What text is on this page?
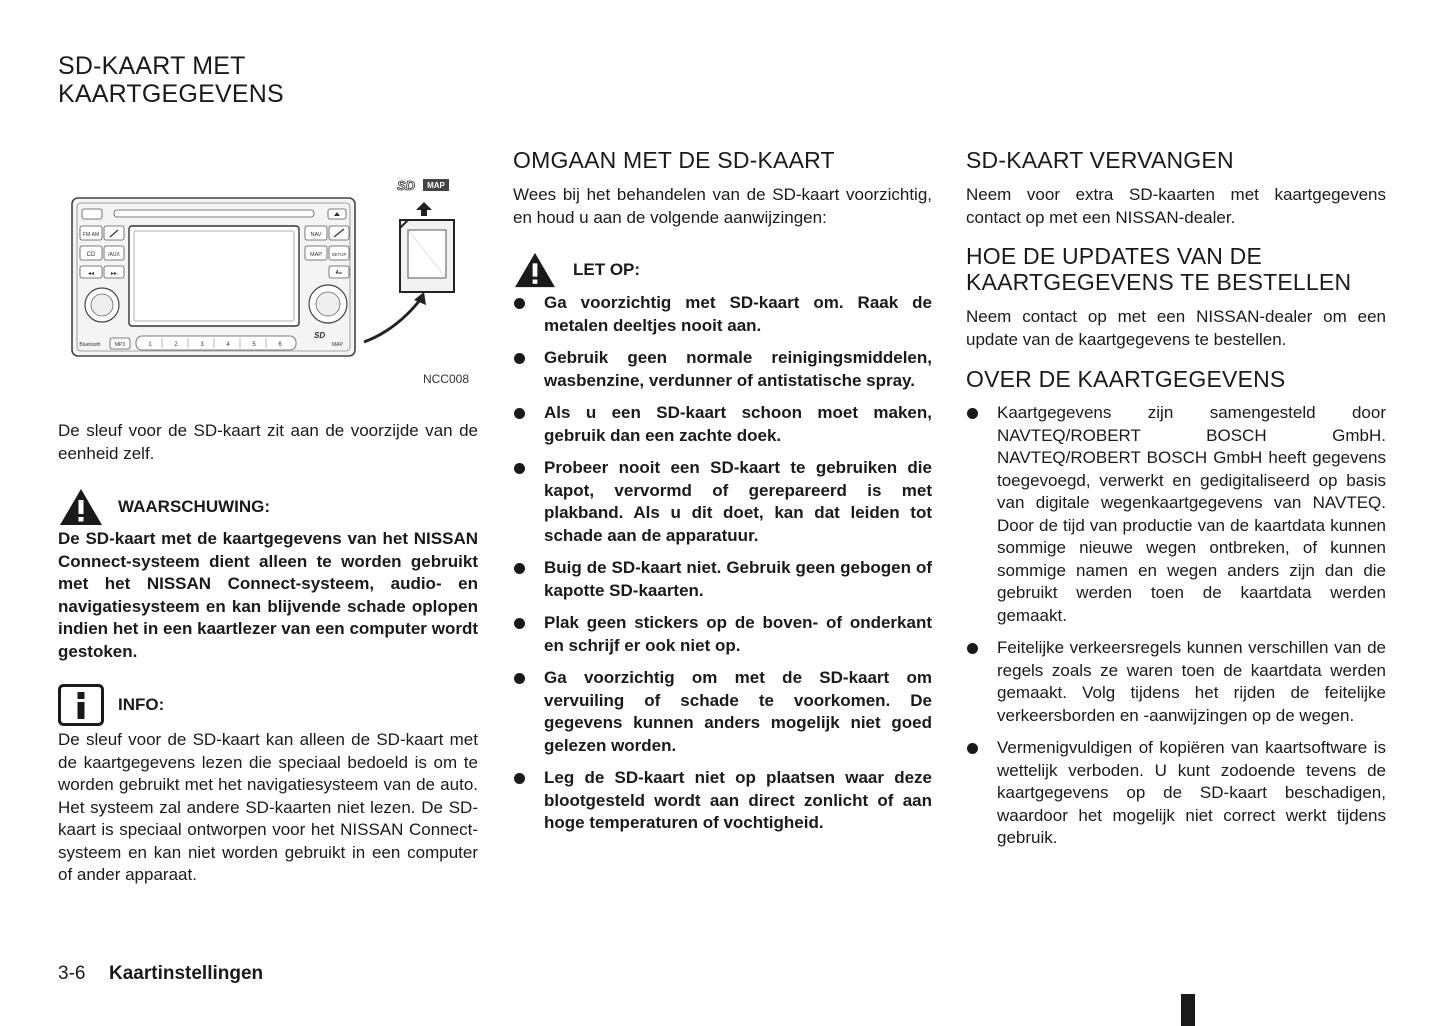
SD-KAART MET
KAARTGEGEVENS
FM·AM
CD	/AUX
◂◂	▸▸
NAV
MAP SETUP
Bluetooth	MP3	1	2	3	4	5	6
SD
MAP
SD MAP
NCC008

De sleuf voor de SD-kaart zit aan de voorzijde van de eenheid zelf.

WAARSCHUWING:

De SD-kaart met de kaartgegevens van het NISSAN Connect-systeem dient alleen te worden gebruikt met het NISSAN Connect-systeem, audio- en navigatiesysteem en kan blijvende schade oplopen indien het in een kaartlezer van een computer wordt gestoken.

INFO:

De sleuf voor de SD-kaart kan alleen de SD-kaart met de kaartgegevens lezen die speciaal bedoeld is om te worden gebruikt met het navigatiesysteem van de auto. Het systeem zal andere SD-kaarten niet lezen. De SD-kaart is speciaal ontworpen voor het NISSAN Connect-systeem en kan niet worden gebruikt in een computer of ander apparaat.

OMGAAN MET DE SD-KAART

Wees bij het behandelen van de SD-kaart voorzichtig, en houd u aan de volgende aanwijzingen:

LET OP:

Ga voorzichtig met SD-kaart om. Raak de metalen deeltjes nooit aan.

Gebruik geen normale reinigingsmiddelen, wasbenzine, verdunner of antistatische spray.

Als u een SD-kaart schoon moet maken, gebruik dan een zachte doek.

Probeer nooit een SD-kaart te gebruiken die kapot, vervormd of gerepareerd is met plakband. Als u dit doet, kan dat leiden tot schade aan de apparatuur.

Buig de SD-kaart niet. Gebruik geen gebogen of kapotte SD-kaarten.

Plak geen stickers op de boven- of onderkant en schrijf er ook niet op.

Ga voorzichtig om met de SD-kaart om vervuiling of schade te voorkomen. De gegevens kunnen anders mogelijk niet goed gelezen worden.

Leg de SD-kaart niet op plaatsen waar deze blootgesteld wordt aan direct zonlicht of aan hoge temperaturen of vochtigheid.

SD-KAART VERVANGEN

Neem voor extra SD-kaarten met kaartgegevens contact op met een NISSAN-dealer.

HOE DE UPDATES VAN DE
KAARTGEGEVENS TE BESTELLEN

Neem contact op met een NISSAN-dealer om een update van de kaartgegevens te bestellen.

OVER DE KAARTGEGEVENS

Kaartgegevens zijn samengesteld door NAVTEQ/ROBERT BOSCH GmbH. NAVTEQ/ROBERT BOSCH GmbH heeft gegevens toegevoegd, verwerkt en gedigitaliseerd op basis van digitale wegenkaartgegevens van NAVTEQ. Door de tijd van productie van de kaartdata kunnen sommige nieuwe wegen ontbreken, of kunnen sommige namen en wegen anders zijn dan die gebruikt werden toen de kaartdata werden gemaakt.

Feitelijke verkeersregels kunnen verschillen van de regels zoals ze waren toen de kaartdata werden gemaakt. Volg tijdens het rijden de feitelijke verkeersborden en -aanwijzingen op de wegen.

Vermenigvuldigen of kopiëren van kaartsoftware is wettelijk verboden. U kunt zodoende tevens de kaartgegevens op de SD-kaart beschadigen, waardoor het mogelijk niet correct werkt tijdens gebruik.

3-6 Kaartinstellingen
